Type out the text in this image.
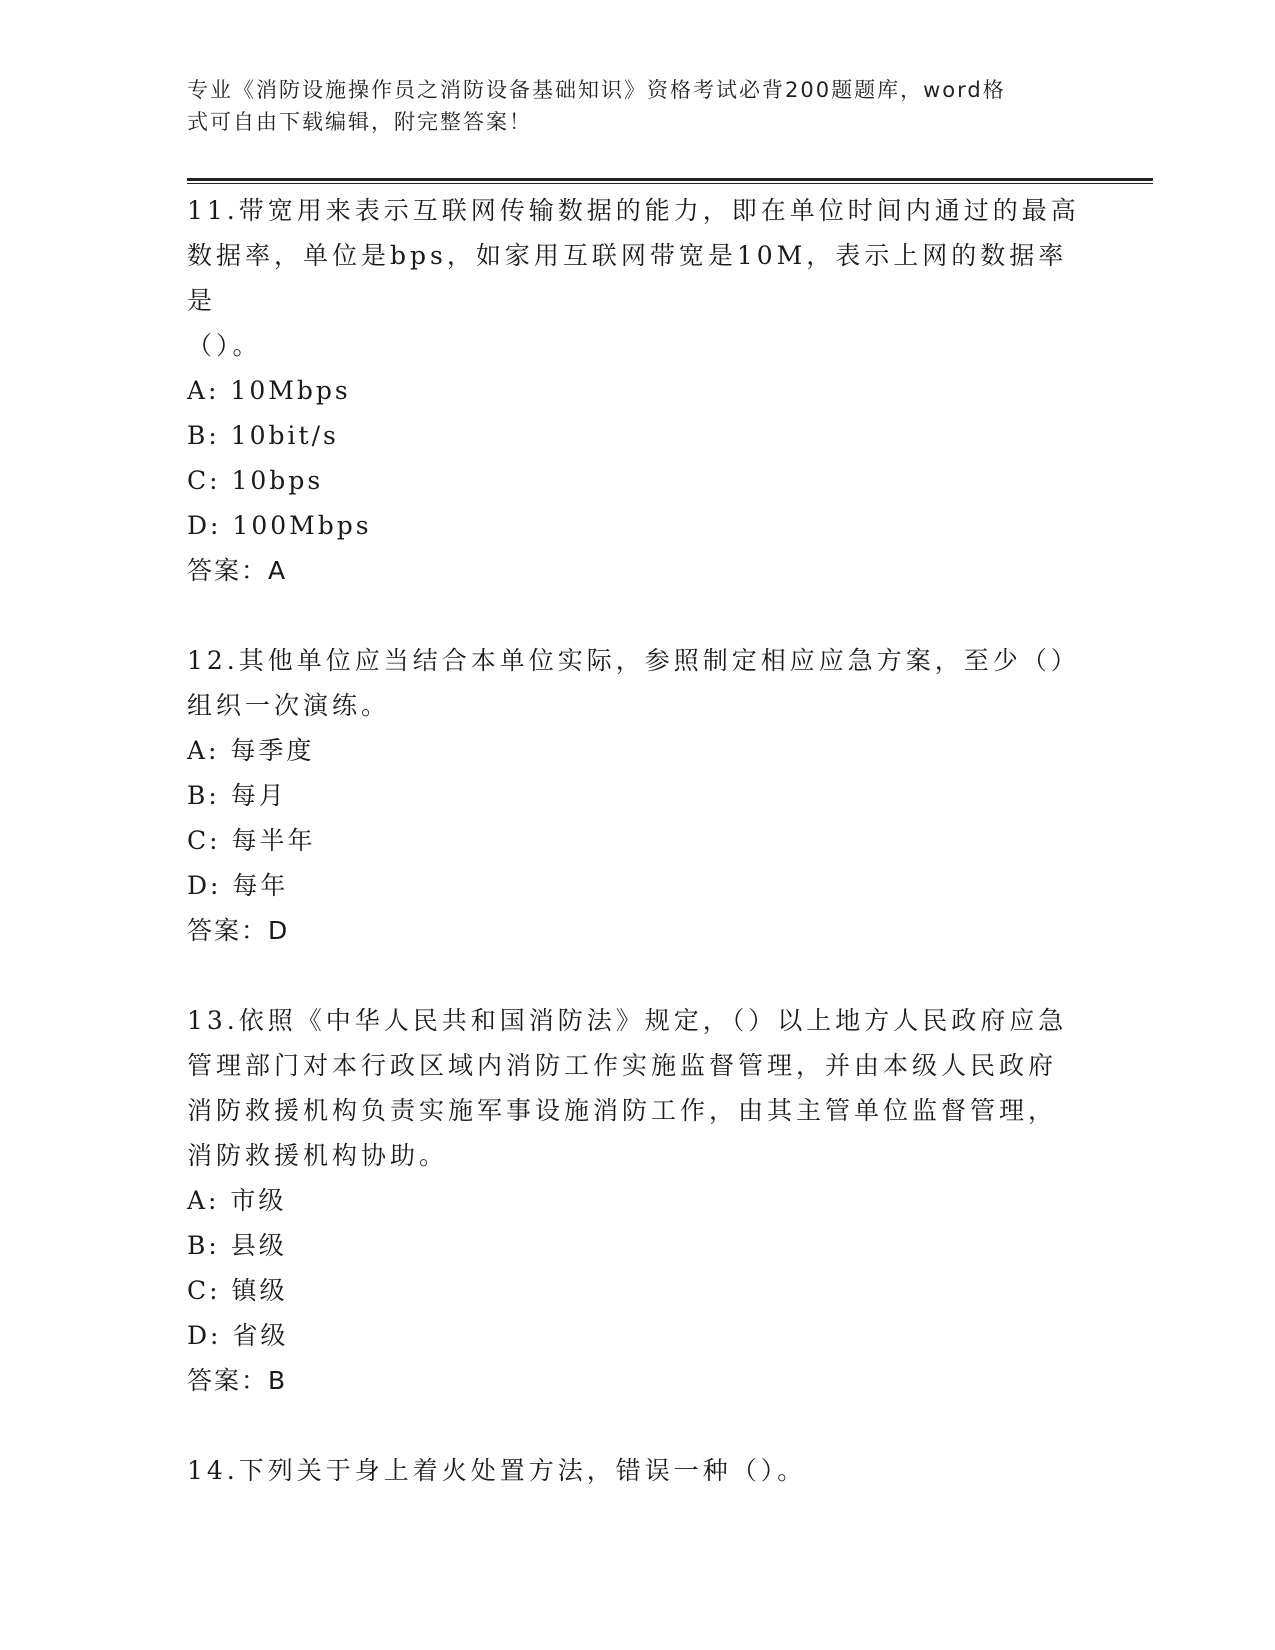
专业《消防设施操作员之消防设备基础知识》资格考试必背200题题库，word格
式可自由下载编辑，附完整答案！

11.带宽用来表示互联网传输数据的能力，即在单位时间内通过的最高

数据率，单位是bps，如家用互联网带宽是10M，表示上网的数据率是

（）。

A: 10Mbps

B: 10bit/s

C: 10bps

D: 100Mbps

答案：A

12.其他单位应当结合本单位实际，参照制定相应应急方案，至少（）

组织一次演练。

A: 每季度

B: 每月

C: 每半年

D: 每年

答案：D

13.依照《中华人民共和国消防法》规定，（）以上地方人民政府应急

管理部门对本行政区域内消防工作实施监督管理，并由本级人民政府

消防救援机构负责实施军事设施消防工作，由其主管单位监督管理，

消防救援机构协助。

A: 市级

B: 县级

C: 镇级

D: 省级

答案：B

14.下列关于身上着火处置方法，错误一种（）。
